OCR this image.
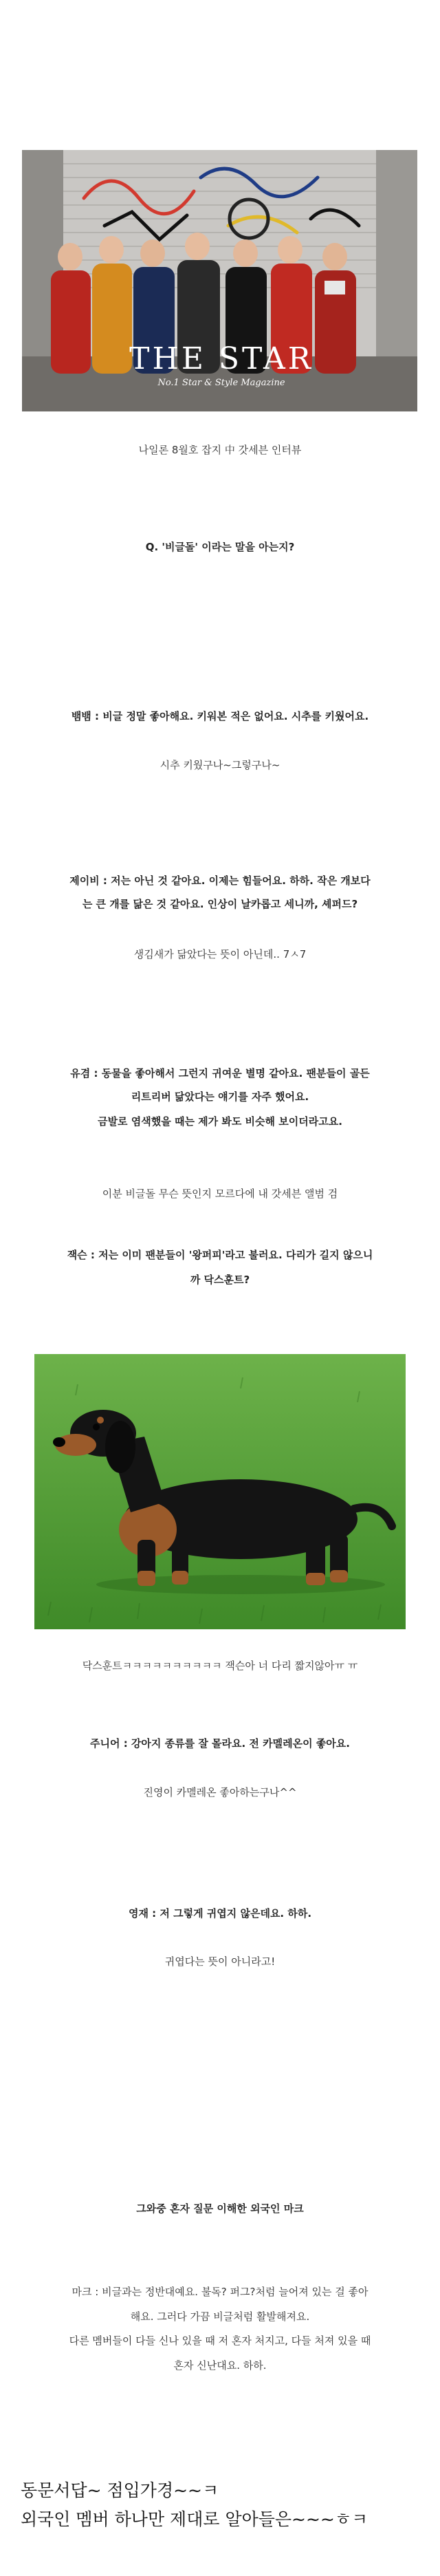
THE STAR
No.1 Star & Style Magazine
나일론 8월호 잡지 中 갓세븐 인터뷰
Q. '비글돌' 이라는 말을 아는지?
뱀뱀 : 비글 정말 좋아해요. 키워본 적은 없어요. 시추를 키웠어요.
시추 키웠구나~그렇구나~
제이비 : 저는 아닌 것 같아요. 이제는 힘들어요. 하하. 작은 개보다
는 큰 개를 닮은 것 같아요. 인상이 날카롭고 세니까, 셰퍼드?
생김새가 닮았다는 뜻이 아닌데.. 7ㅅ7
유겸 : 동물을 좋아해서 그런지 귀여운 별명 같아요. 팬분들이 골든
리트리버 닮았다는 얘기를 자주 했어요.
금발로 염색했을 때는 제가 봐도 비슷해 보이더라고요.
이분 비글돌 무슨 뜻인지 모르다에 내 갓세븐 앨범 검
잭슨 : 저는 이미 팬분들이 '왕퍼피'라고 불러요. 다리가 길지 않으니
까 닥스훈트?
닥스훈트ㅋㅋㅋㅋㅋㅋㅋㅋㅋㅋ 잭슨아 너 다리 짧지않아ㅠ ㅠ
주니어 : 강아지 종류를 잘 몰라요. 전 카멜레온이 좋아요.
진영이 카멜레온 좋아하는구나^^
영재 : 저 그렇게 귀엽지 않은데요. 하하.
귀엽다는 뜻이 아니라고!
그와중 혼자 질문 이해한 외국인 마크
마크 : 비글과는 정반대예요. 불독? 퍼그?처럼 늘어져 있는 걸 좋아
해요. 그러다 가끔 비글처럼 활발해져요.
다른 멤버들이 다들 신나 있을 때 저 혼자 처지고, 다들 처져 있을 때
혼자 신난대요. 하하.
동문서답~ 점입가경~~ㅋ
외국인 멤버 하나만 제대로 알아들은~~~ㅎㅋ
